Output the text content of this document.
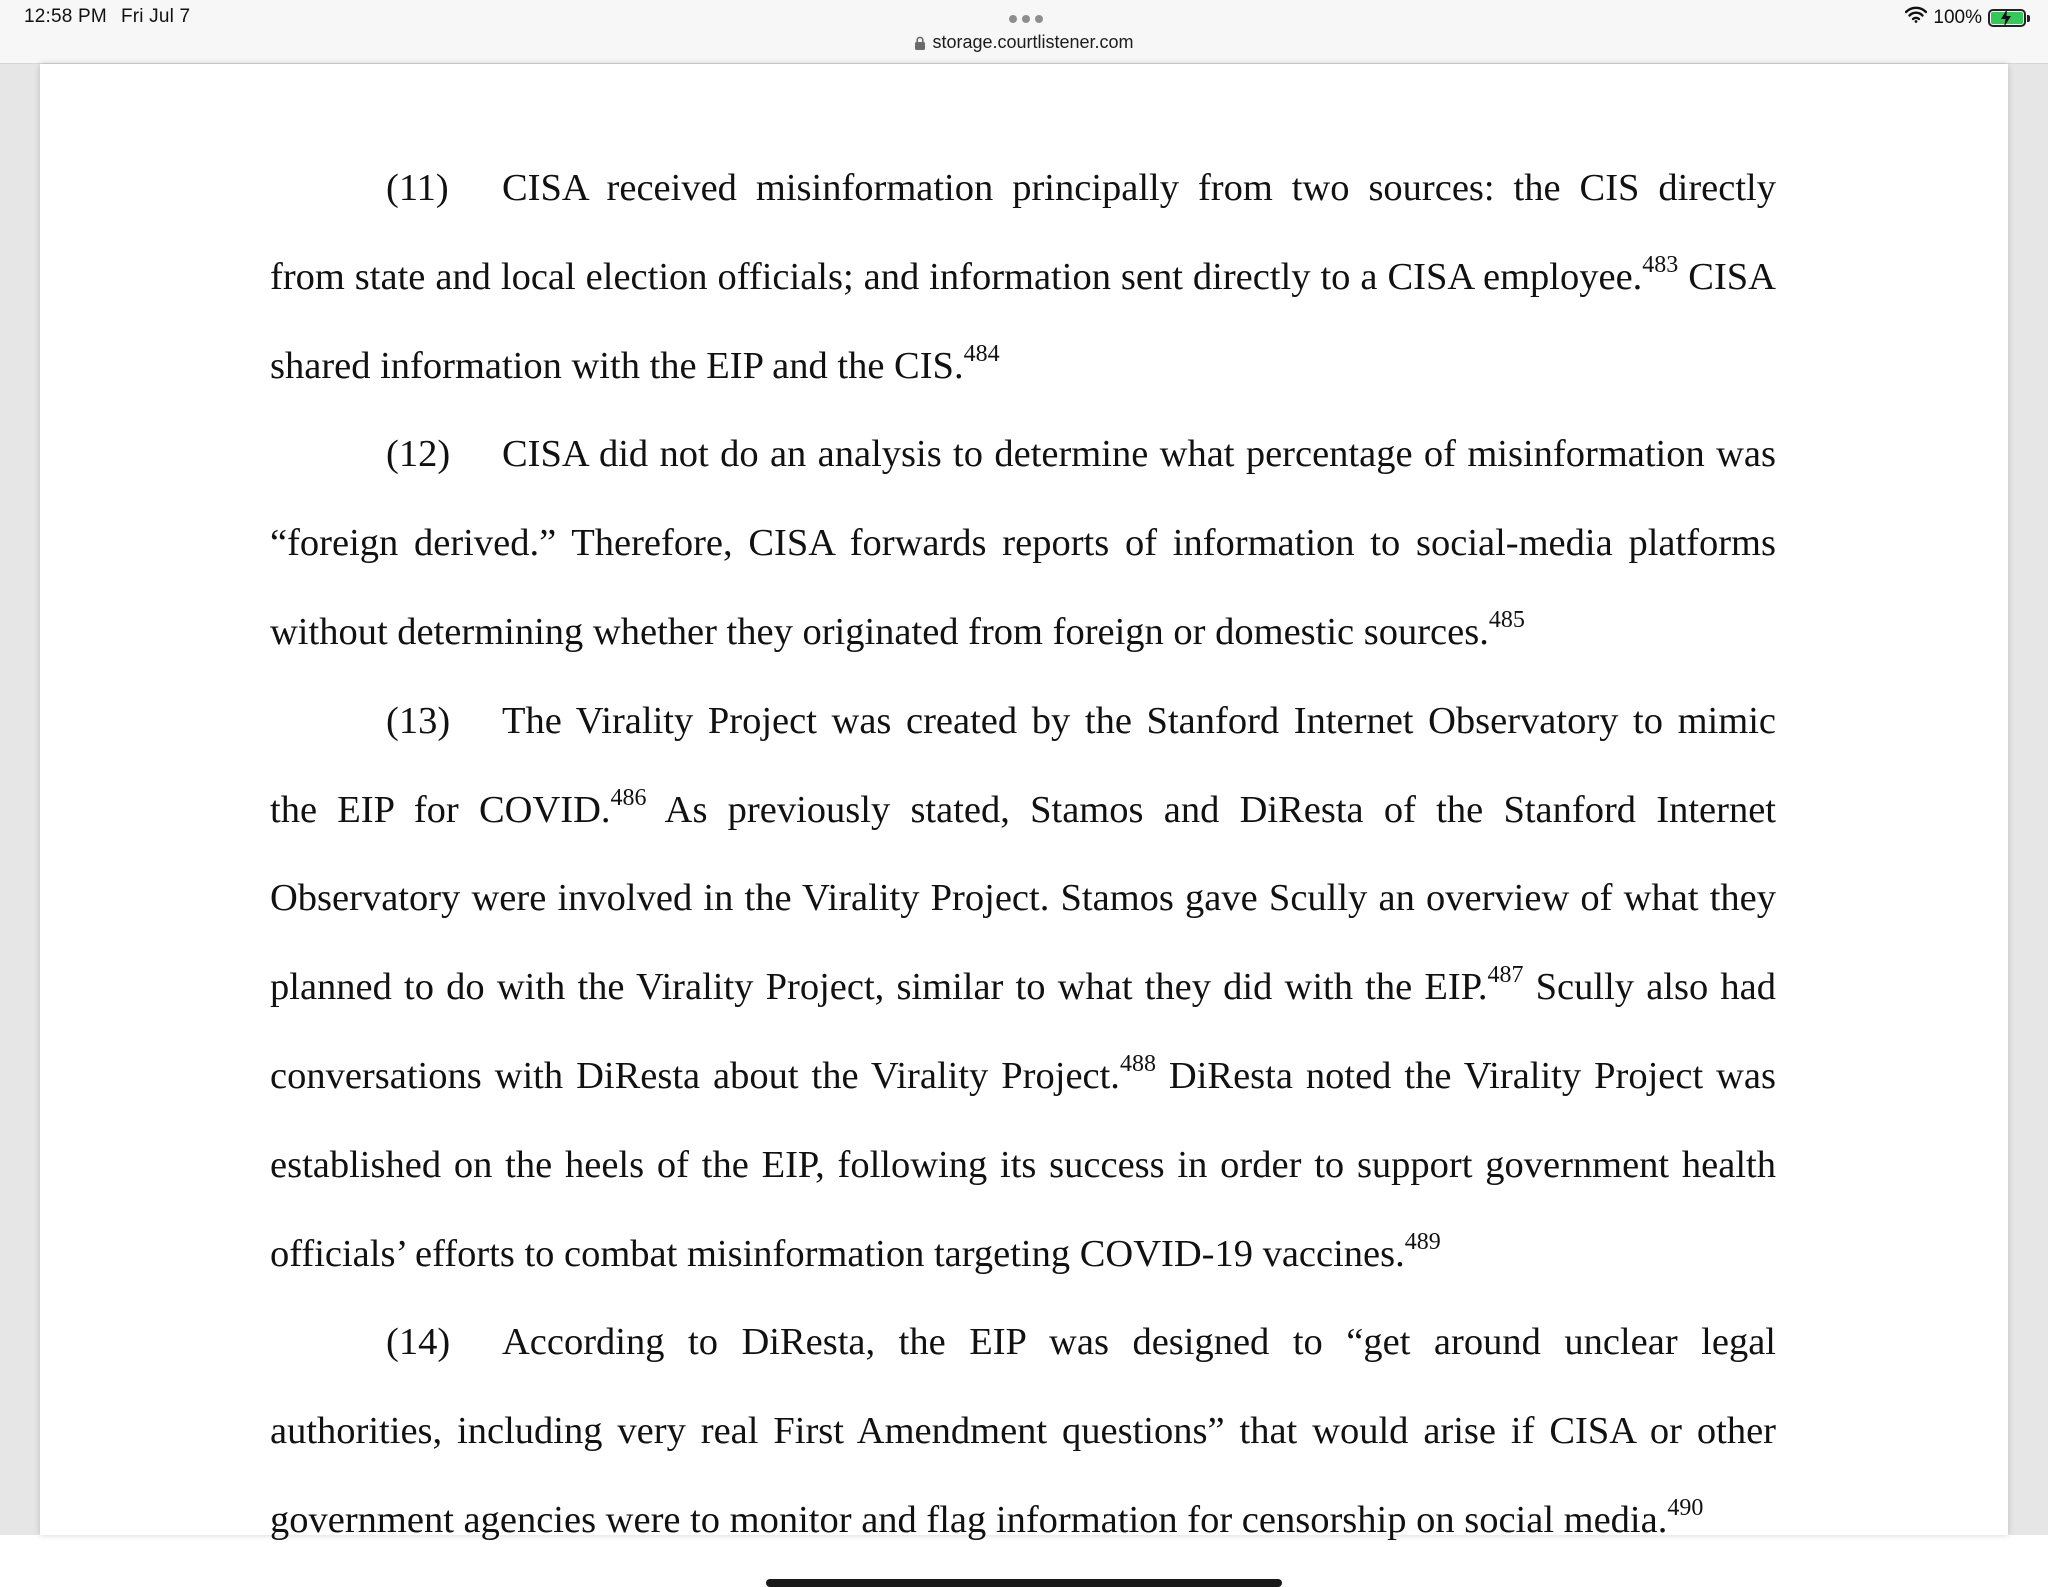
12:58 PM Fri Jul 7
storage.courtlistener.com
100%

(11) CISA received misinformation principally from two sources: the CIS directly from state and local election officials; and information sent directly to a CISA employee.$^{483}$ CISA shared information with the EIP and the CIS.$^{484}$

(12) CISA did not do an analysis to determine what percentage of misinformation was “foreign derived.” Therefore, CISA forwards reports of information to social-media platforms without determining whether they originated from foreign or domestic sources.$^{485}$

(13) The Virality Project was created by the Stanford Internet Observatory to mimic the EIP for COVID.$^{486}$ As previously stated, Stamos and DiResta of the Stanford Internet Observatory were involved in the Virality Project. Stamos gave Scully an overview of what they planned to do with the Virality Project, similar to what they did with the EIP.$^{487}$ Scully also had conversations with DiResta about the Virality Project.$^{488}$ DiResta noted the Virality Project was established on the heels of the EIP, following its success in order to support government health officials’ efforts to combat misinformation targeting COVID-19 vaccines.$^{489}$

(14) According to DiResta, the EIP was designed to “get around unclear legal authorities, including very real First Amendment questions” that would arise if CISA or other government agencies were to monitor and flag information for censorship on social media.$^{490}$
